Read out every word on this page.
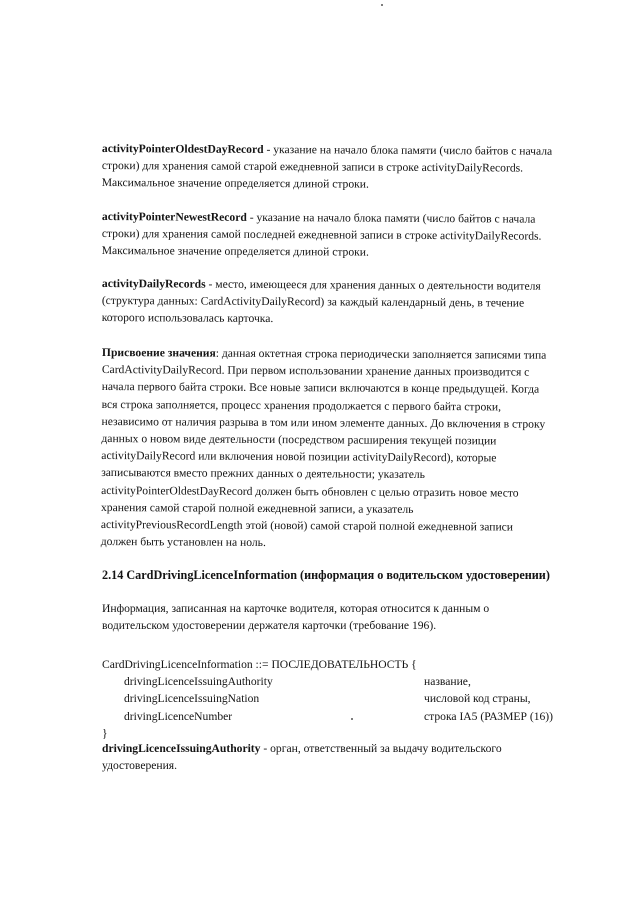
activityPointerOldestDayRecord - указание на начало блока памяти (число байтов с начала
строки) для хранения самой старой ежедневной записи в строке activityDailyRecords.
Максимальное значение определяется длиной строки.
activityPointerNewestRecord - указание на начало блока памяти (число байтов с начала
строки) для хранения самой последней ежедневной записи в строке activityDailyRecords.
Максимальное значение определяется длиной строки.
activityDailyRecords - место, имеющееся для хранения данных о деятельности водителя
(структура данных: CardActivityDailyRecord) за каждый календарный день, в течение
которого использовалась карточка.
Присвоение значения: данная октетная строка периодически заполняется записями типа
CardActivityDailyRecord. При первом использовании хранение данных производится с
начала первого байта строки. Все новые записи включаются в конце предыдущей. Когда
вся строка заполняется, процесс хранения продолжается с первого байта строки,
независимо от наличия разрыва в том или ином элементе данных. До включения в строку
данных о новом виде деятельности (посредством расширения текущей позиции
activityDailyRecord или включения новой позиции activityDailyRecord), которые
записываются вместо прежних данных о деятельности; указатель
activityPointerOldestDayRecord должен быть обновлен с целью отразить новое место
хранения самой старой полной ежедневной записи, а указатель
activityPreviousRecordLength этой (новой) самой старой полной ежедневной записи
должен быть установлен на ноль.
2.14 CardDrivingLicenceInformation (информация о водительском удостоверении)
Информация, записанная на карточке водителя, которая относится к данным о
водительском удостоверении держателя карточки (требование 196).
CardDrivingLicenceInformation ::= ПОСЛЕДОВАТЕЛЬНОСТЬ {
drivingLicenceIssuingAuthority	название,
drivingLicenceIssuingNation	числовой код страны,
drivingLicenceNumber	строка IA5 (РАЗМЕР (16))
}
drivingLicenceIssuingAuthority - орган, ответственный за выдачу водительского
удостоверения.
